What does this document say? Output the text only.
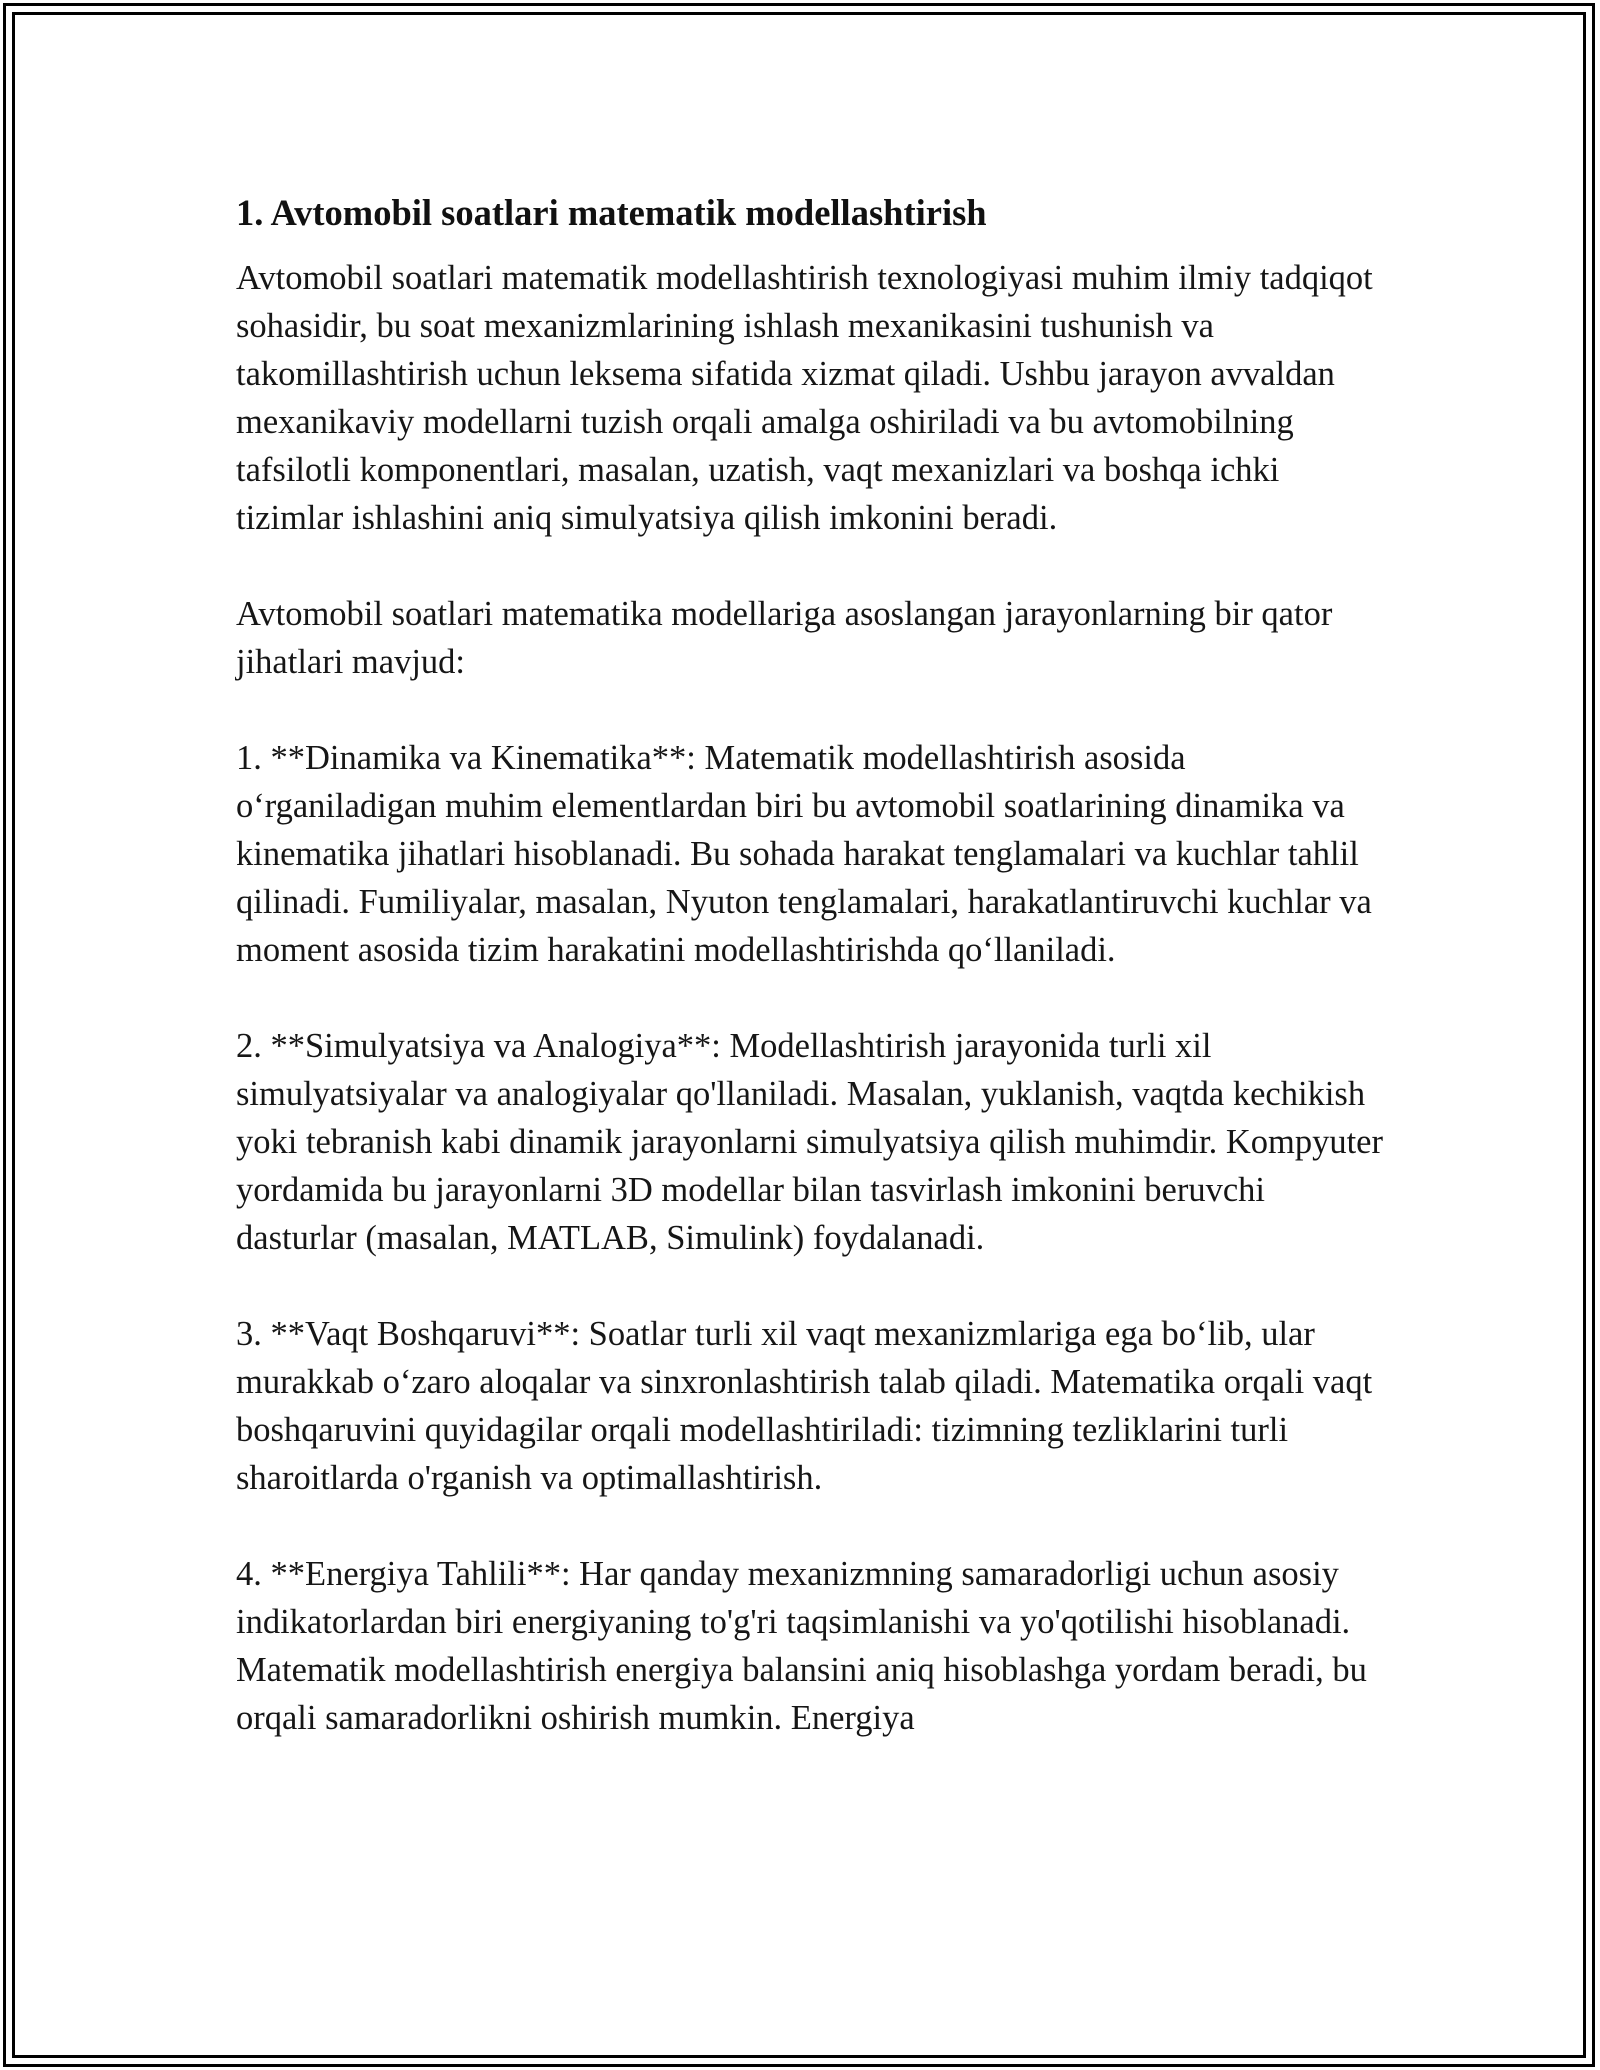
1. Avtomobil soatlari matematik modellashtirish

Avtomobil soatlari matematik modellashtirish texnologiyasi muhim ilmiy tadqiqot sohasidir, bu soat mexanizmlarining ishlash mexanikasini tushunish va takomillashtirish uchun leksema sifatida xizmat qiladi. Ushbu jarayon avvaldan mexanikaviy modellarni tuzish orqali amalga oshiriladi va bu avtomobilning tafsilotli komponentlari, masalan, uzatish, vaqt mexanizlari va boshqa ichki tizimlar ishlashini aniq simulyatsiya qilish imkonini beradi.

Avtomobil soatlari matematika modellariga asoslangan jarayonlarning bir qator jihatlari mavjud:

1. **Dinamika va Kinematika**: Matematik modellashtirish asosida o‘rganiladigan muhim elementlardan biri bu avtomobil soatlarining dinamika va kinematika jihatlari hisoblanadi. Bu sohada harakat tenglamalari va kuchlar tahlil qilinadi. Fumiliyalar, masalan, Nyuton tenglamalari, harakatlantiruvchi kuchlar va moment asosida tizim harakatini modellashtirishda qo‘llaniladi.

2. **Simulyatsiya va Analogiya**: Modellashtirish jarayonida turli xil simulyatsiyalar va analogiyalar qo'llaniladi. Masalan, yuklanish, vaqtda kechikish yoki tebranish kabi dinamik jarayonlarni simulyatsiya qilish muhimdir. Kompyuter yordamida bu jarayonlarni 3D modellar bilan tasvirlash imkonini beruvchi dasturlar (masalan, MATLAB, Simulink) foydalanadi.

3. **Vaqt Boshqaruvi**: Soatlar turli xil vaqt mexanizmlariga ega bo‘lib, ular murakkab o‘zaro aloqalar va sinxronlashtirish talab qiladi. Matematika orqali vaqt boshqaruvini quyidagilar orqali modellashtiriladi: tizimning tezliklarini turli sharoitlarda o'rganish va optimallashtirish.

4. **Energiya Tahlili**: Har qanday mexanizmning samaradorligi uchun asosiy indikatorlardan biri energiyaning to'g'ri taqsimlanishi va yo'qotilishi hisoblanadi. Matematik modellashtirish energiya balansini aniq hisoblashga yordam beradi, bu orqali samaradorlikni oshirish mumkin. Energiya
